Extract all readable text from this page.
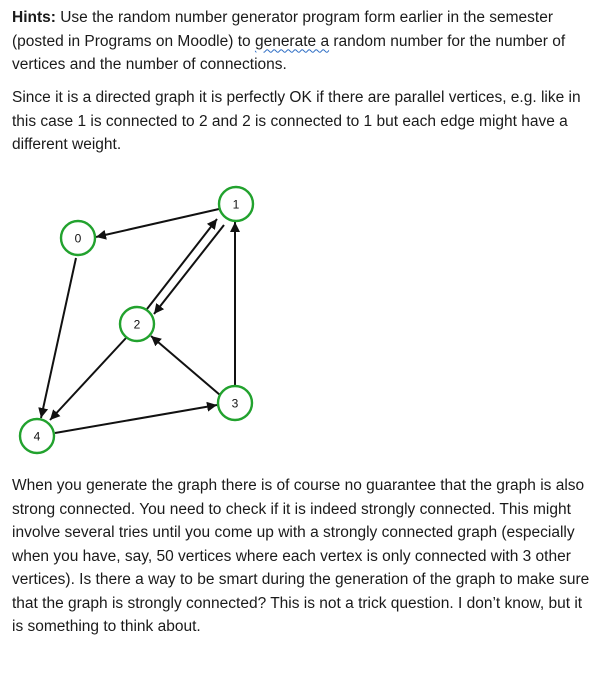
Hints: Use the random number generator program form earlier in the semester (posted in Programs on Moodle) to generate a random number for the number of vertices and the number of connections.

Since it is a directed graph it is perfectly OK if there are parallel vertices, e.g. like in this case 1 is connected to 2 and 2 is connected to 1 but each edge might have a different weight.

0
1
2
3
4

When you generate the graph there is of course no guarantee that the graph is also strong connected. You need to check if it is indeed strongly connected. This might involve several tries until you come up with a strongly connected graph (especially when you have, say, 50 vertices where each vertex is only connected with 3 other vertices). Is there a way to be smart during the generation of the graph to make sure that the graph is strongly connected? This is not a trick question. I don’t know, but it is something to think about.
